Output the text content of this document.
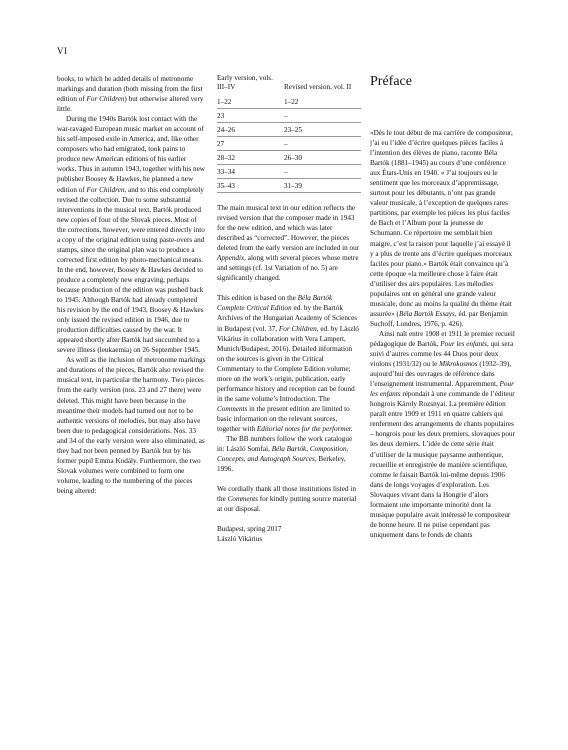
VI

books, to which he added details of metronome markings and duration (both missing from the first edition of For Children) but otherwise altered very little.

During the 1940s Bartók lost contact with the war-ravaged European music market on account of his self-imposed exile in America, and, like other composers who had emigrated, took pains to produce new American editions of his earlier works. Thus in autumn 1943, together with his new publisher Boosey & Hawkes, he planned a new edition of For Children, and to this end completely revised the collection. Due to some substantial interventions in the musical text, Bartók produced new copies of four of the Slovak pieces. Most of the corrections, however, were entered directly into a copy of the original edition using paste-overs and stamps, since the original plan was to produce a corrected first edition by photo-mechanical means. In the end, however, Boosey & Hawkes decided to produce a completely new engraving, perhaps because production of the edition was pushed back to 1945. Although Bartók had already completed his revision by the end of 1943, Boosey & Hawkes only issued the revised edition in 1946, due to production difficulties caused by the war. It appeared shortly after Bartók had succumbed to a severe illness (leukaemia) on 26 September 1945.

As well as the inclusion of metronome markings and durations of the pieces, Bartók also revised the musical text, in particular the harmony. Two pieces from the early version (nos. 23 and 27 there) were deleted. This might have been because in the meantime their models had turned out not to be authentic versions of melodies, but may also have been due to pedagogical considerations. Nos. 33 and 34 of the early version were also eliminated, as they had not been penned by Bartók but by his former pupil Emma Kodály. Furthermore, the two Slovak volumes were combined to form one volume, leading to the numbering of the pieces being altered:

Early version, vols. III–IV	Revised version, vol. II
1–22	1–22
23	–
24–26	23–25
27	–
28–32	26–30
33–34	–
35–43	31–39

The main musical text in our edition reflects the revised version that the composer made in 1943 for the new edition, and which was later described as “corrected”. However, the pieces deleted from the early version are included in our Appendix, along with several pieces whose metre and settings (cf. 1st Variation of no. 5) are significantly changed.

This edition is based on the Béla Bartók Complete Critical Edition ed. by the Bartók Archives of the Hungarian Academy of Sciences in Budapest (vol. 37, For Children, ed. by László Vikárius in collaboration with Vera Lampert, Munich/Budapest, 2016). Detailed information on the sources is given in the Critical Commentary to the Complete Edition volume; more on the work’s origin, publication, early performance history and reception can be found in the same volume’s Introduction. The Comments in the present edition are limited to basic information on the relevant sources, together with Editorial notes for the performer.

The BB numbers follow the work catalogue in: László Somfai, Béla Bartók, Composition, Concepts, and Autograph Sources, Berkeley, 1996.

We cordially thank all those institutions listed in the Comments for kindly putting source material at our disposal.

Budapest, spring 2017

László Vikárius

Préface

«Dès le tout début de ma carrière de compositeur, j’ai eu l’idée d’écrire quelques pièces faciles à l’intention des élèves de piano, raconte Béla Bartók (1881–1945) au cours d’une conférence aux États-Unis en 1940. « J’ai toujours eu le sentiment que les morceaux d’apprentissage, surtout pour les débutants, n’ont pas grande valeur musicale, à l’exception de quelques rares partitions, par exemple les pièces les plus faciles de Bach et l’Album pour la jeunesse de Schumann. Ce répertoire me semblait bien maigre, c’est la raison pour laquelle j’ai essayé il y a plus de trente ans d’écrire quelques morceaux faciles pour piano.» Bartók était convaincu qu’à cette époque «la meilleure chose à faire était d’utiliser des airs populaires. Les mélodies populaires ont en général une grande valeur musicale, donc au moins la qualité du thème était assurée» (Béla Bartók Essays, éd. par Benjamin Suchoff, Londres, 1976, p. 426).

Ainsi naît entre 1908 et 1911 le premier recueil pédagogique de Bartók, Pour les enfants, qui sera suivi d’autres comme les 44 Duos pour deux violons (1931/32) ou le Mikrokosmos (1932–39), aujourd’hui des ouvrages de référence dans l’enseignement instrumental. Apparemment, Pour les enfants répondait à une commande de l’éditeur hongrois Károly Rozsnyai. La première édition paraît entre 1909 et 1911 en quatre cahiers qui renferment des arrangements de chants populaires – hongrois pour les deux premiers, slovaques pour les deux derniers. L’idée de cette série était d’utiliser de la musique paysanne authentique, recueillie et enregistrée de manière scientifique, comme le faisait Bartók lui-même depuis 1906 dans de longs voyages d’exploration. Les Slovaques vivant dans la Hongrie d’alors formaient une importante minorité dont la musique populaire avait intéressé le compositeur de bonne heure. Il ne puise cependant pas uniquement dans le fonds de chants
